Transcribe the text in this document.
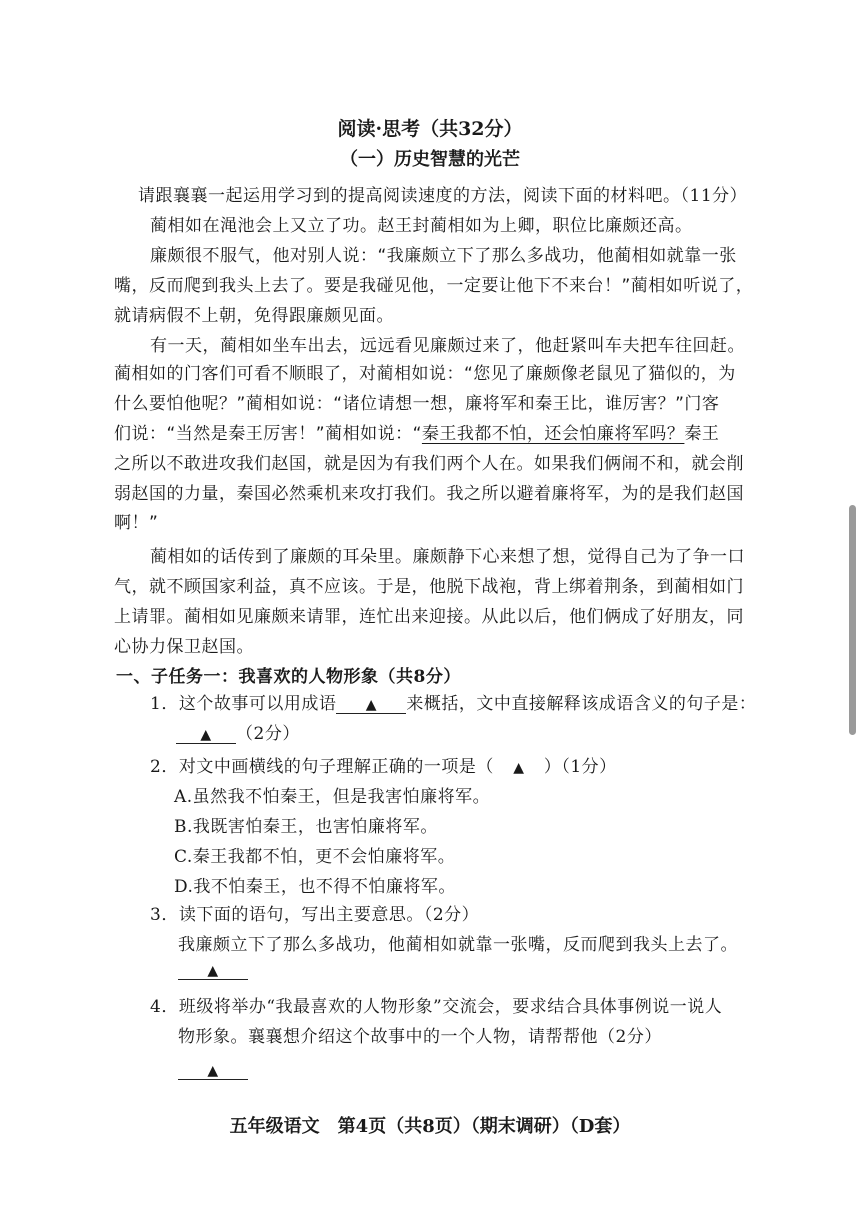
阅读·思考（共32分）
（一）历史智慧的光芒
请跟襄襄一起运用学习到的提高阅读速度的方法，阅读下面的材料吧。（11分）
蔺相如在渑池会上又立了功。赵王封蔺相如为上卿，职位比廉颇还高。
廉颇很不服气，他对别人说：“我廉颇立下了那么多战功，他蔺相如就靠一张
嘴，反而爬到我头上去了。要是我碰见他，一定要让他下不来台！”蔺相如听说了，
就请病假不上朝，免得跟廉颇见面。
有一天，蔺相如坐车出去，远远看见廉颇过来了，他赶紧叫车夫把车往回赶。
蔺相如的门客们可看不顺眼了，对蔺相如说：“您见了廉颇像老鼠见了猫似的，为
什么要怕他呢？”蔺相如说：“诸位请想一想，廉将军和秦王比，谁厉害？”门客
们说：“当然是秦王厉害！”蔺相如说：“秦王我都不怕，还会怕廉将军吗？秦王
之所以不敢进攻我们赵国，就是因为有我们两个人在。如果我们俩闹不和，就会削
弱赵国的力量，秦国必然乘机来攻打我们。我之所以避着廉将军，为的是我们赵国
啊！”
蔺相如的话传到了廉颇的耳朵里。廉颇静下心来想了想，觉得自己为了争一口
气，就不顾国家利益，真不应该。于是，他脱下战袍，背上绑着荆条，到蔺相如门
上请罪。蔺相如见廉颇来请罪，连忙出来迎接。从此以后，他们俩成了好朋友，同
心协力保卫赵国。
一、子任务一：我喜欢的人物形象（共8分）
1．这个故事可以用成语 ▲ 来概括，文中直接解释该成语含义的句子是：
▲ （2分）
2．对文中画横线的句子理解正确的一项是（ ▲ ）（1分）
A.虽然我不怕秦王，但是我害怕廉将军。
B.我既害怕秦王，也害怕廉将军。
C.秦王我都不怕，更不会怕廉将军。
D.我不怕秦王，也不得不怕廉将军。
3．读下面的语句，写出主要意思。（2分）
我廉颇立下了那么多战功，他蔺相如就靠一张嘴，反而爬到我头上去了。
▲
4．班级将举办“我最喜欢的人物形象”交流会，要求结合具体事例说一说人
物形象。襄襄想介绍这个故事中的一个人物，请帮帮他（2分）
▲
五年级语文　第4页（共8页）（期末调研）（D套）
